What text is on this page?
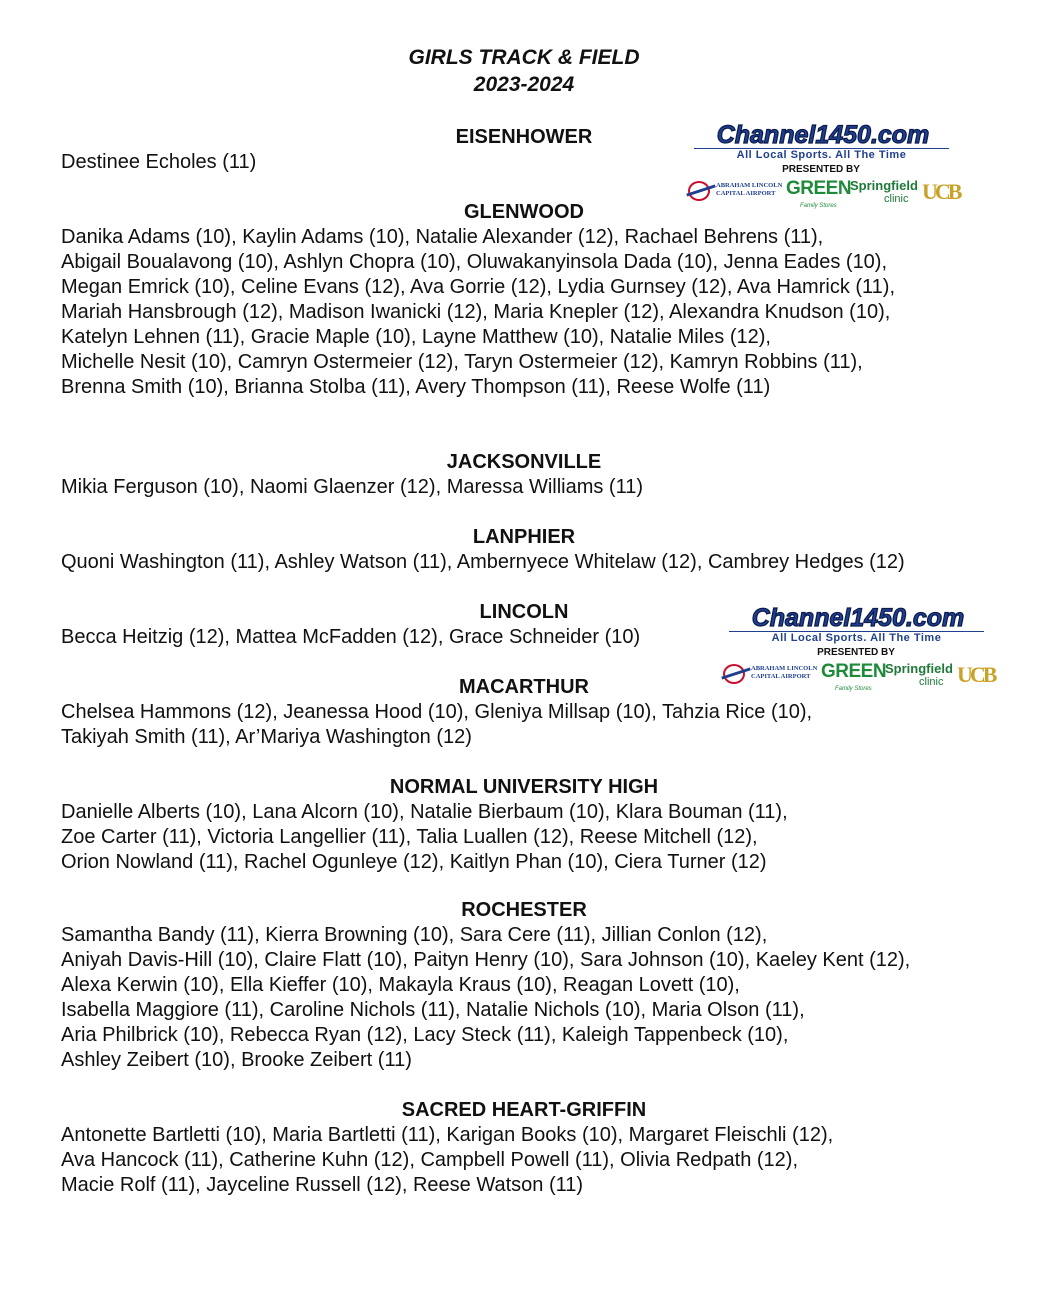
GIRLS TRACK & FIELD
2023-2024
Channel1450.com
All Local Sports. All The Time
PRESENTED BY
ABRAHAM LINCOLN
CAPITAL AIRPORT GREEN
Family Stores
Springfield
clinic UCB
Channel1450.com
All Local Sports. All The Time
PRESENTED BY
ABRAHAM LINCOLN
CAPITAL AIRPORT GREEN
Family Stores
Springfield
clinic UCB
EISENHOWER
Destinee Echoles (11)
GLENWOOD
Danika Adams (10), Kaylin Adams (10), Natalie Alexander (12), Rachael Behrens (11),
Abigail Boualavong (10), Ashlyn Chopra (10), Oluwakanyinsola Dada (10), Jenna Eades (10),
Megan Emrick (10), Celine Evans (12), Ava Gorrie (12), Lydia Gurnsey (12), Ava Hamrick (11),
Mariah Hansbrough (12), Madison Iwanicki (12), Maria Knepler (12), Alexandra Knudson (10),
Katelyn Lehnen (11), Gracie Maple (10), Layne Matthew (10), Natalie Miles (12),
Michelle Nesit (10), Camryn Ostermeier (12), Taryn Ostermeier (12), Kamryn Robbins (11),
Brenna Smith (10), Brianna Stolba (11), Avery Thompson (11), Reese Wolfe (11)
JACKSONVILLE
Mikia Ferguson (10), Naomi Glaenzer (12), Maressa Williams (11)
LANPHIER
Quoni Washington (11), Ashley Watson (11), Ambernyece Whitelaw (12), Cambrey Hedges (12)
LINCOLN
Becca Heitzig (12), Mattea McFadden (12), Grace Schneider (10)
MACARTHUR
Chelsea Hammons (12), Jeanessa Hood (10), Gleniya Millsap (10), Tahzia Rice (10),
Takiyah Smith (11), Ar’Mariya Washington (12)
NORMAL UNIVERSITY HIGH
Danielle Alberts (10), Lana Alcorn (10), Natalie Bierbaum (10), Klara Bouman (11),
Zoe Carter (11), Victoria Langellier (11), Talia Luallen (12), Reese Mitchell (12),
Orion Nowland (11), Rachel Ogunleye (12), Kaitlyn Phan (10), Ciera Turner (12)
ROCHESTER
Samantha Bandy (11), Kierra Browning (10), Sara Cere (11), Jillian Conlon (12),
Aniyah Davis-Hill (10), Claire Flatt (10), Paityn Henry (10), Sara Johnson (10), Kaeley Kent (12),
Alexa Kerwin (10), Ella Kieffer (10), Makayla Kraus (10), Reagan Lovett (10),
Isabella Maggiore (11), Caroline Nichols (11), Natalie Nichols (10), Maria Olson (11),
Aria Philbrick (10), Rebecca Ryan (12), Lacy Steck (11), Kaleigh Tappenbeck (10),
Ashley Zeibert (10), Brooke Zeibert (11)
SACRED HEART-GRIFFIN
Antonette Bartletti (10), Maria Bartletti (11), Karigan Books (10), Margaret Fleischli (12),
Ava Hancock (11), Catherine Kuhn (12), Campbell Powell (11), Olivia Redpath (12),
Macie Rolf (11), Jayceline Russell (12), Reese Watson (11)
